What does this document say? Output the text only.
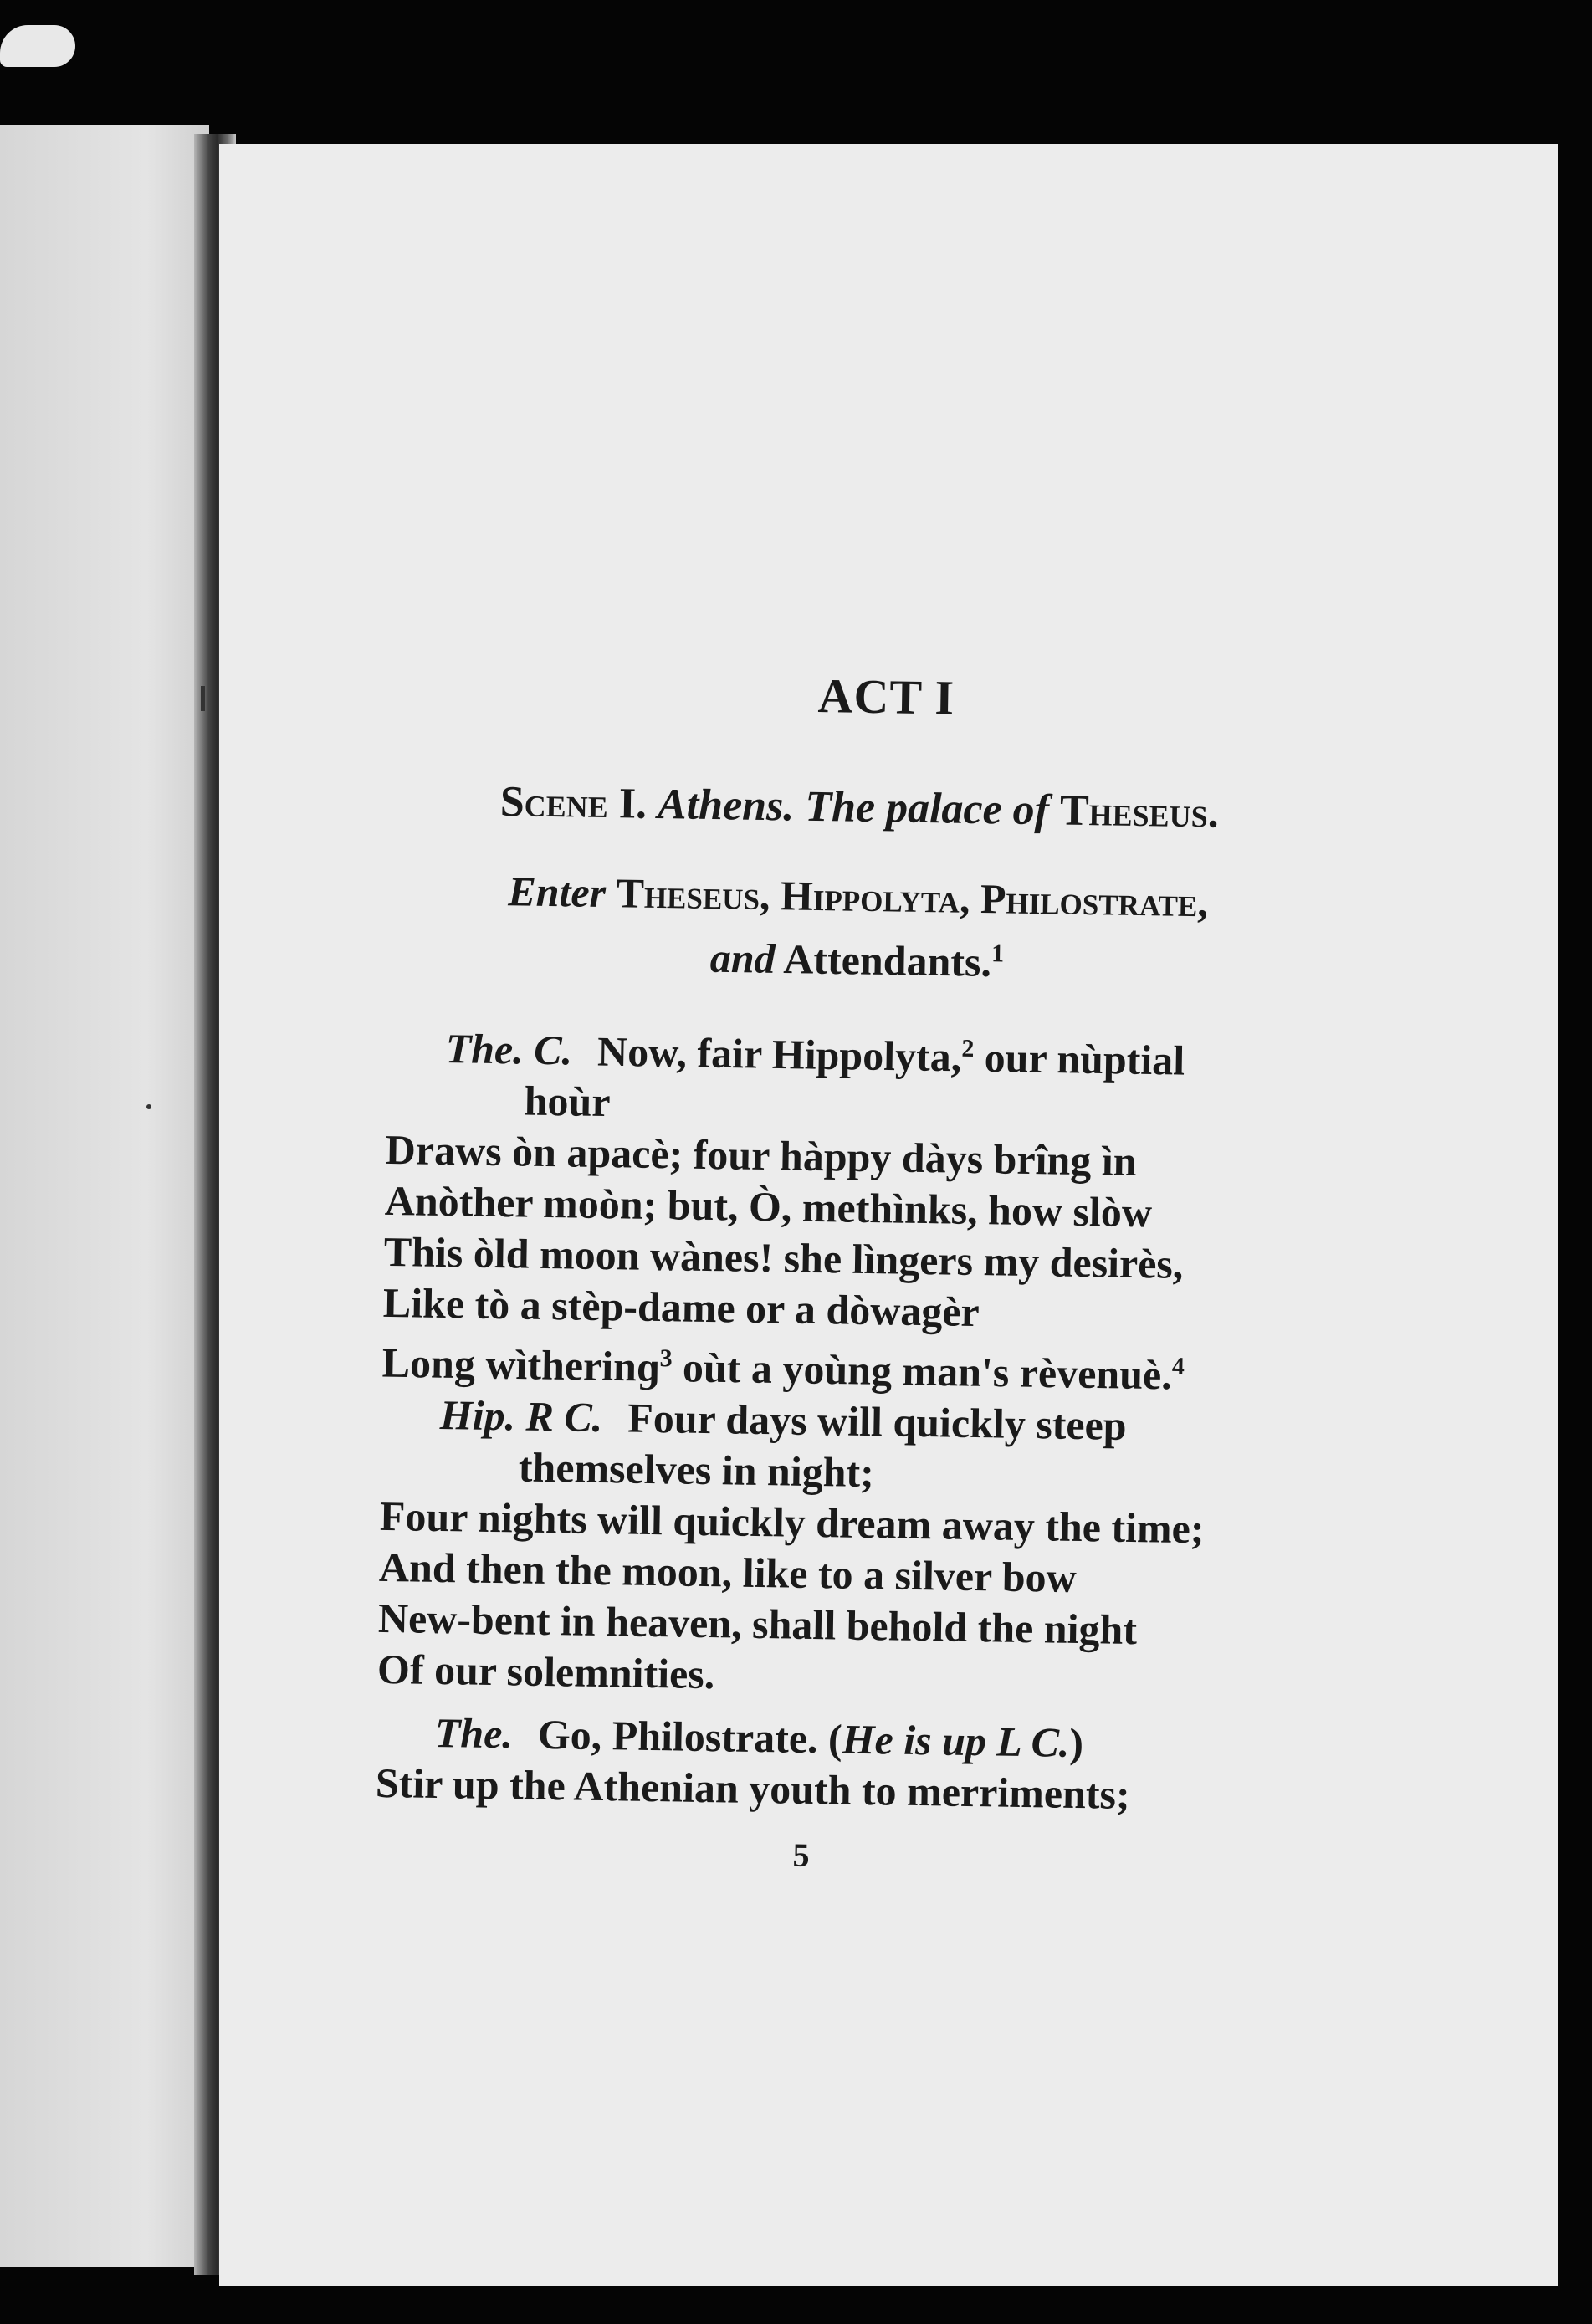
ACT I
Scene I. Athens. The palace of Theseus.
Enter Theseus, Hippolyta, Philostrate,
and Attendants.$^1$

The. C. Now, fair Hippolyta,$^2$ our nùptial

hoùr

Draws òn apacè; four hàppy dàys brîng ìn

Anòther moòn; but, Ò, methìnks, how slòw

This òld moon wànes! she lìngers my desirès,

Like tò a stèp-dame or a dòwagèr

Long wìtherinɡ$^3$ oùt a yoùng man's rèvenuè.$^4$

Hip. R C. Four days will quickly steep

themselves in night;

Four nights will quickly dream away the time;

And then the moon, like to a silver bow

New-bent in heaven, shall behold the night

Of our solemnities.

The. Go, Philostrate. (He is up L C.)

Stir up the Athenian youth to merriments;

5
